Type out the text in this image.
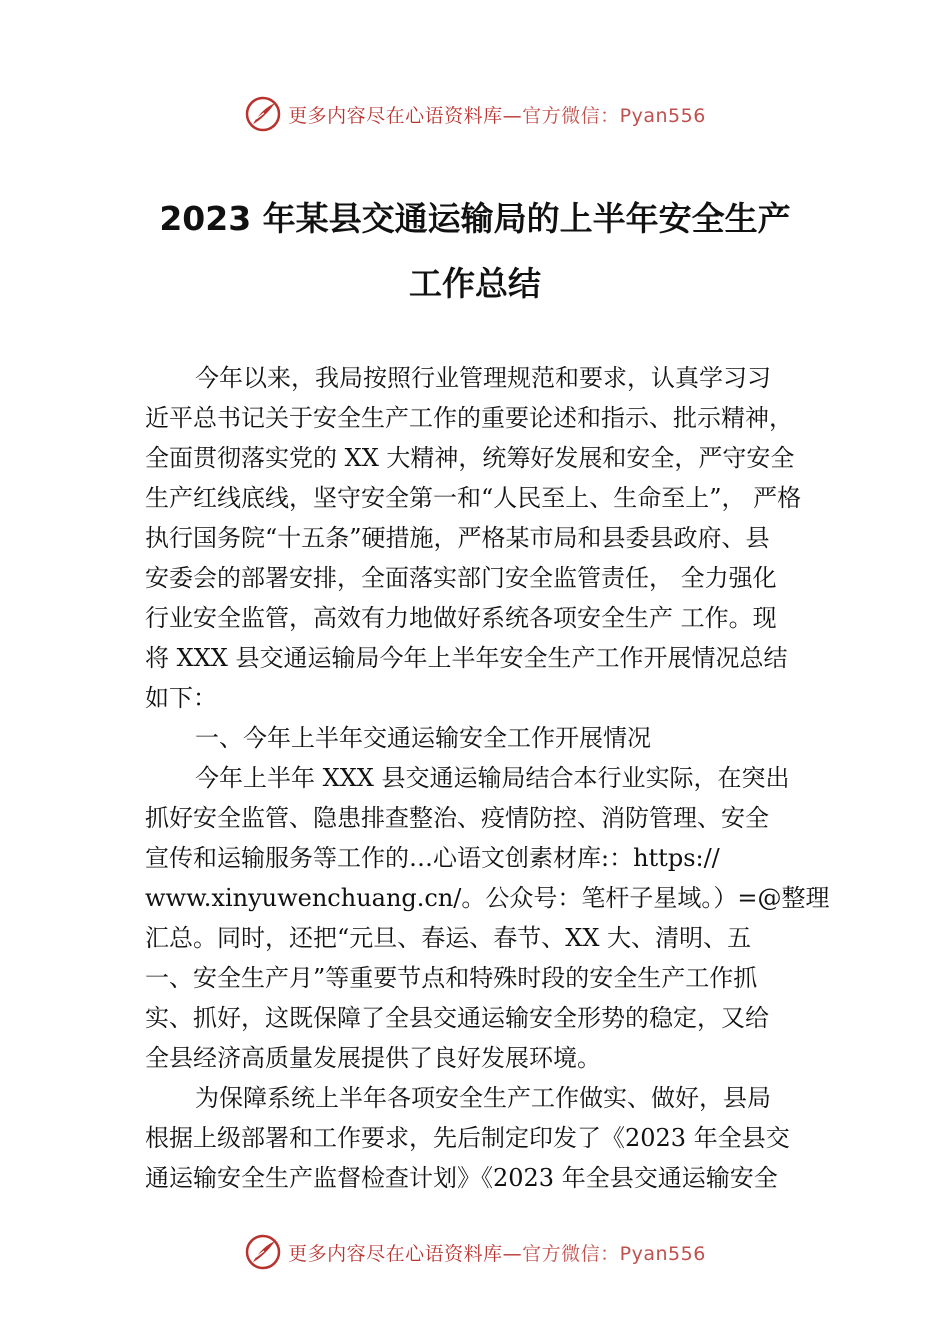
更多内容尽在心语资料库—官方微信：Pyan556
2023 年某县交通运输局的上半年安全生产
工作总结
今年以来，我局按照行业管理规范和要求，认真学习习
近平总书记关于安全生产工作的重要论述和指示、批示精神，
全面贯彻落实党的 XX 大精神，统筹好发展和安全，严守安全
生产红线底线，坚守安全第一和“人民至上、生命至上”， 严格
执行国务院“十五条”硬措施，严格某市局和县委县政府、县
安委会的部署安排，全面落实部门安全监管责任， 全力强化
行业安全监管，高效有力地做好系统各项安全生产 工作。现
将 XXX 县交通运输局今年上半年安全生产工作开展情况总结
如下：
一、今年上半年交通运输安全工作开展情况
今年上半年 XXX 县交通运输局结合本行业实际，在突出
抓好安全监管、隐患排查整治、疫情防控、消防管理、安全
宣传和运输服务等工作的…心语文创素材库:：https://
www.xinyuwenchuang.cn/。公众号：笔杆子星域。）=@整理
汇总。同时，还把“元旦、春运、春节、XX 大、清明、五
一、安全生产月”等重要节点和特殊时段的安全生产工作抓
实、抓好，这既保障了全县交通运输安全形势的稳定，又给
全县经济高质量发展提供了良好发展环境。
为保障系统上半年各项安全生产工作做实、做好，县局
根据上级部署和工作要求，先后制定印发了《2023 年全县交
通运输安全生产监督检查计划》《2023 年全县交通运输安全
更多内容尽在心语资料库—官方微信：Pyan556
